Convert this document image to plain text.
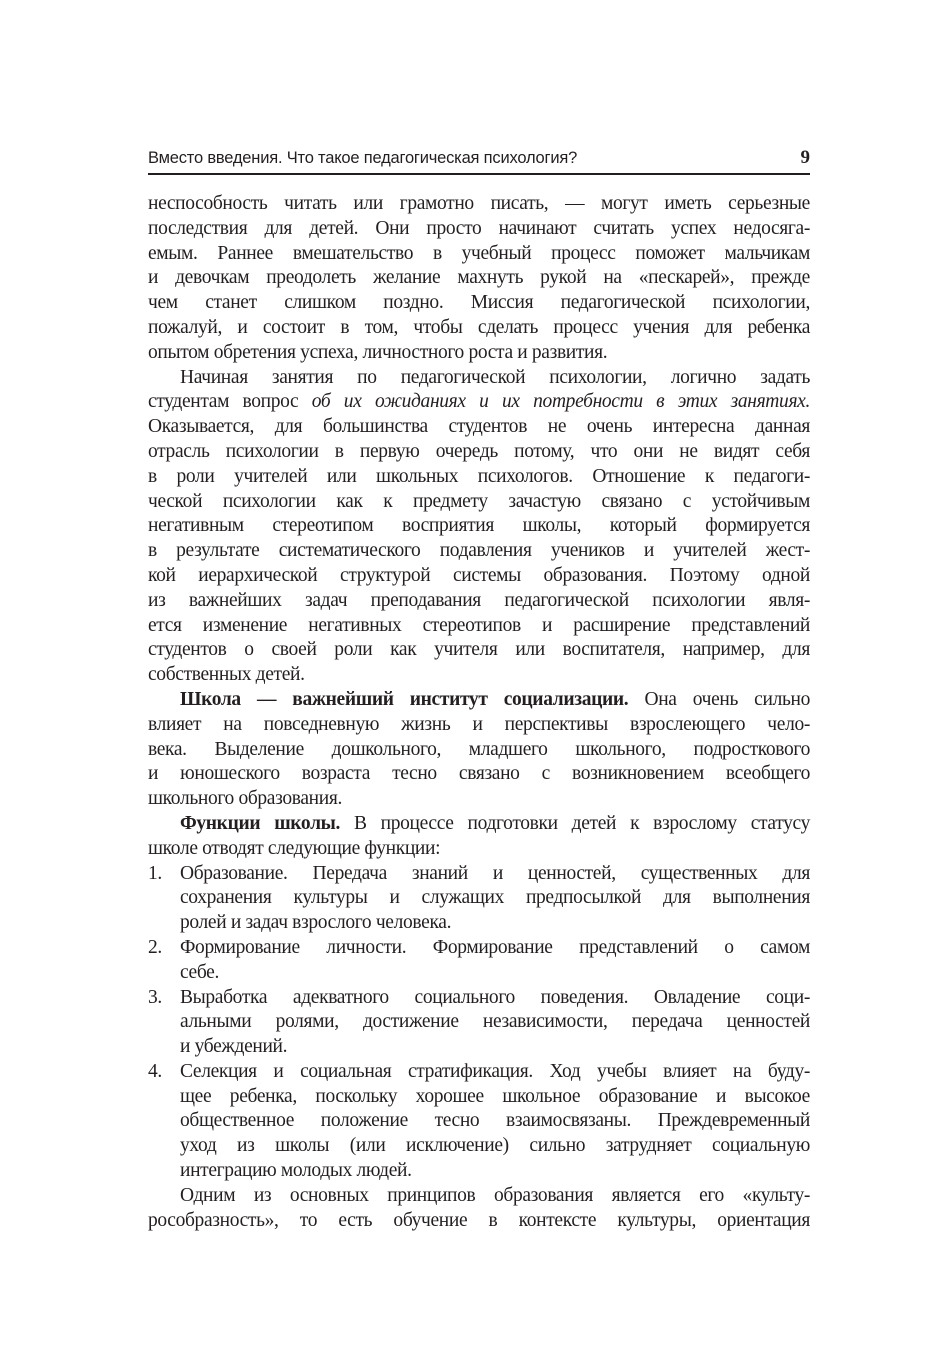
Вместо введения. Что такое педагогическая психология?	9
неспособность читать или грамотно писать, — могут иметь серьезные
последствия для детей. Они просто начинают считать успех недосяга-
емым. Раннее вмешательство в учебный процесс поможет мальчикам
и девочкам преодолеть желание махнуть рукой на «пескарей», прежде
чем станет слишком поздно. Миссия педагогической психологии,
пожалуй, и состоит в том, чтобы сделать процесс учения для ребенка
опытом обретения успеха, личностного роста и развития.
Начиная занятия по педагогической психологии, логично задать
студентам вопрос об их ожиданиях и их потребности в этих занятиях.
Оказывается, для большинства студентов не очень интересна данная
отрасль психологии в первую очередь потому, что они не видят себя
в роли учителей или школьных психологов. Отношение к педагоги-
ческой психологии как к предмету зачастую связано с устойчивым
негативным стереотипом восприятия школы, который формируется
в результате систематического подавления учеников и учителей жест-
кой иерархической структурой системы образования. Поэтому одной
из важнейших задач преподавания педагогической психологии явля-
ется изменение негативных стереотипов и расширение представлений
студентов о своей роли как учителя или воспитателя, например, для
собственных детей.
Школа — важнейший институт социализации. Она очень сильно
влияет на повседневную жизнь и перспективы взрослеющего чело-
века. Выделение дошкольного, младшего школьного, подросткового
и юношеского возраста тесно связано с возникновением всеобщего
школьного образования.
Функции школы. В процессе подготовки детей к взрослому статусу
школе отводят следующие функции:
1. Образование. Передача знаний и ценностей, существенных для
сохранения культуры и служащих предпосылкой для выполнения
ролей и задач взрослого человека.
2. Формирование личности. Формирование представлений о самом
себе.
3. Выработка адекватного социального поведения. Овладение соци-
альными ролями, достижение независимости, передача ценностей
и убеждений.
4. Селекция и социальная стратификация. Ход учебы влияет на буду-
щее ребенка, поскольку хорошее школьное образование и высокое
общественное положение тесно взаимосвязаны. Преждевременный
уход из школы (или исключение) сильно затрудняет социальную
интеграцию молодых людей.
Одним из основных принципов образования является его «культу-
рособразность», то есть обучение в контексте культуры, ориентация
